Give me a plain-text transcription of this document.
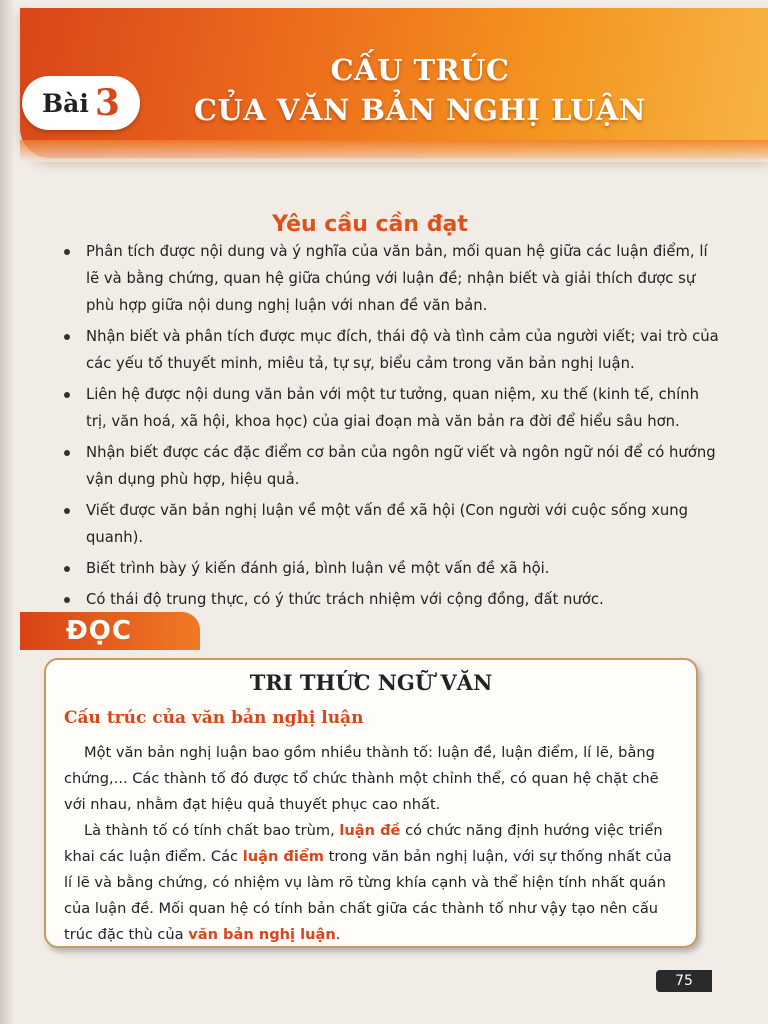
Bài 3
CẤU TRÚC
CỦA VĂN BẢN NGHỊ LUẬN
Yêu cầu cần đạt
Phân tích được nội dung và ý nghĩa của văn bản, mối quan hệ giữa các luận điểm, lí lẽ và bằng chứng, quan hệ giữa chúng với luận đề; nhận biết và giải thích được sự phù hợp giữa nội dung nghị luận với nhan đề văn bản.
Nhận biết và phân tích được mục đích, thái độ và tình cảm của người viết; vai trò của các yếu tố thuyết minh, miêu tả, tự sự, biểu cảm trong văn bản nghị luận.
Liên hệ được nội dung văn bản với một tư tưởng, quan niệm, xu thế (kinh tế, chính trị, văn hoá, xã hội, khoa học) của giai đoạn mà văn bản ra đời để hiểu sâu hơn.
Nhận biết được các đặc điểm cơ bản của ngôn ngữ viết và ngôn ngữ nói để có hướng vận dụng phù hợp, hiệu quả.
Viết được văn bản nghị luận về một vấn đề xã hội (Con người với cuộc sống xung quanh).
Biết trình bày ý kiến đánh giá, bình luận về một vấn đề xã hội.
Có thái độ trung thực, có ý thức trách nhiệm với cộng đồng, đất nước.
ĐỌC
TRI THỨC NGỮ VĂN
Cấu trúc của văn bản nghị luận

Một văn bản nghị luận bao gồm nhiều thành tố: luận đề, luận điểm, lí lẽ, bằng chứng,... Các thành tố đó được tổ chức thành một chỉnh thể, có quan hệ chặt chẽ với nhau, nhằm đạt hiệu quả thuyết phục cao nhất.

Là thành tố có tính chất bao trùm, luận đề có chức năng định hướng việc triển khai các luận điểm. Các luận điểm trong văn bản nghị luận, với sự thống nhất của lí lẽ và bằng chứng, có nhiệm vụ làm rõ từng khía cạnh và thể hiện tính nhất quán của luận đề. Mối quan hệ có tính bản chất giữa các thành tố như vậy tạo nên cấu trúc đặc thù của văn bản nghị luận.

75
